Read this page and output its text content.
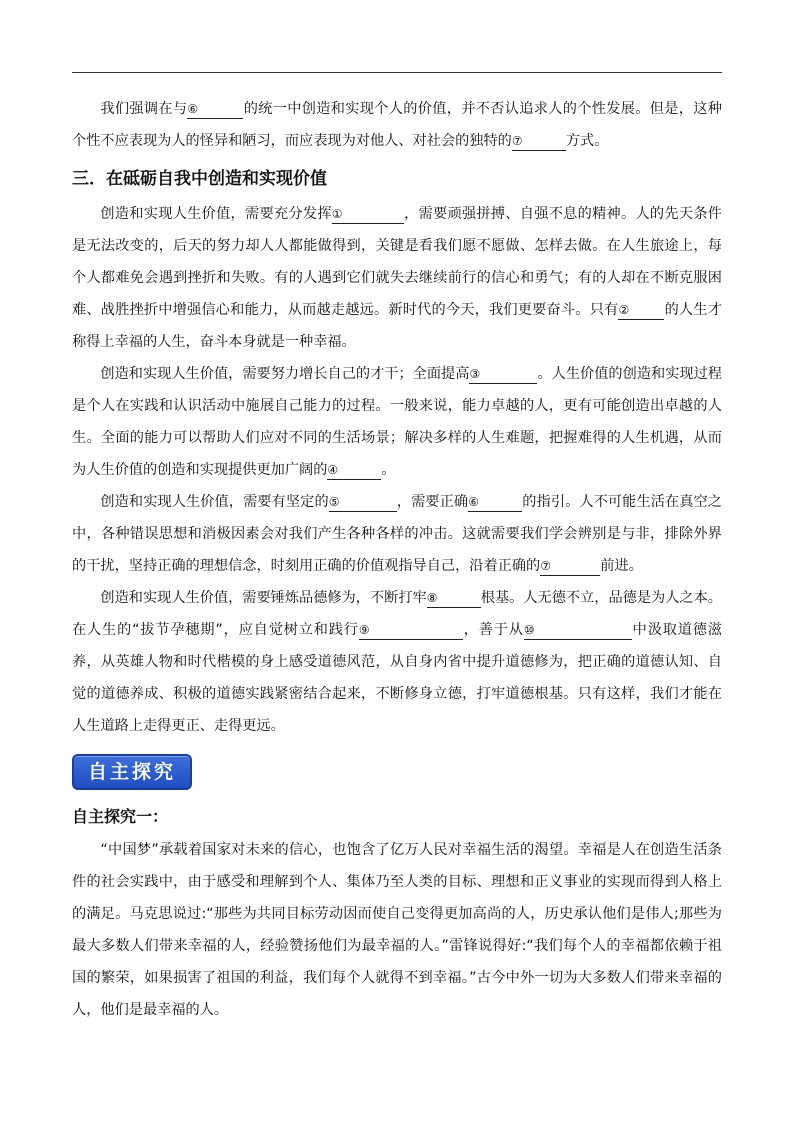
我们强调在与⑥	的统一中创造和实现个人的价值，并不否认追求人的个性发展。但是，这种个性不应表现为人的怪异和陋习，而应表现为对他人、对社会的独特的⑦	方式。

三．在砥砺自我中创造和实现价值

创造和实现人生价值，需要充分发挥①	，需要顽强拼搏、自强不息的精神。人的先天条件是无法改变的，后天的努力却人人都能做得到，关键是看我们愿不愿做、怎样去做。在人生旅途上，每个人都难免会遇到挫折和失败。有的人遇到它们就失去继续前行的信心和勇气；有的人却在不断克服困难、战胜挫折中增强信心和能力，从而越走越远。新时代的今天，我们更要奋斗。只有② 的人生才称得上幸福的人生，奋斗本身就是一种幸福。

创造和实现人生价值，需要努力增长自己的才干；全面提高③	。人生价值的创造和实现过程是个人在实践和认识活动中施展自己能力的过程。一般来说，能力卓越的人，更有可能创造出卓越的人生。全面的能力可以帮助人们应对不同的生活场景；解决多样的人生难题，把握难得的人生机遇，从而为人生价值的创造和实现提供更加广阔的④	。

创造和实现人生价值，需要有坚定的⑤	，需要正确⑥	的指引。人不可能生活在真空之中，各种错误思想和消极因素会对我们产生各种各样的冲击。这就需要我们学会辨别是与非，排除外界的干扰，坚持正确的理想信念，时刻用正确的价值观指导自己，沿着正确的⑦	前进。

创造和实现人生价值，需要锤炼品德修为，不断打牢⑧	根基。人无德不立，品德是为人之本。在人生的“拔节孕穗期”，应自觉树立和践行⑨	，善于从⑩	中汲取道德滋养，从英雄人物和时代楷模的身上感受道德风范，从自身内省中提升道德修为，把正确的道德认知、自觉的道德养成、积极的道德实践紧密结合起来，不断修身立德，打牢道德根基。只有这样，我们才能在人生道路上走得更正、走得更远。

自主探究
自主探究一：

“中国梦”承载着国家对未来的信心，也饱含了亿万人民对幸福生活的渴望。幸福是人在创造生活条件的社会实践中，由于感受和理解到个人、集体乃至人类的目标、理想和正义事业的实现而得到人格上的满足。马克思说过:“那些为共同目标劳动因而使自己变得更加高尚的人，历史承认他们是伟人;那些为最大多数人们带来幸福的人，经验赞扬他们为最幸福的人。”雷锋说得好:“我们每个人的幸福都依赖于祖国的繁荣，如果损害了祖国的利益，我们每个人就得不到幸福。”古今中外一切为大多数人们带来幸福的人，他们是最幸福的人。
